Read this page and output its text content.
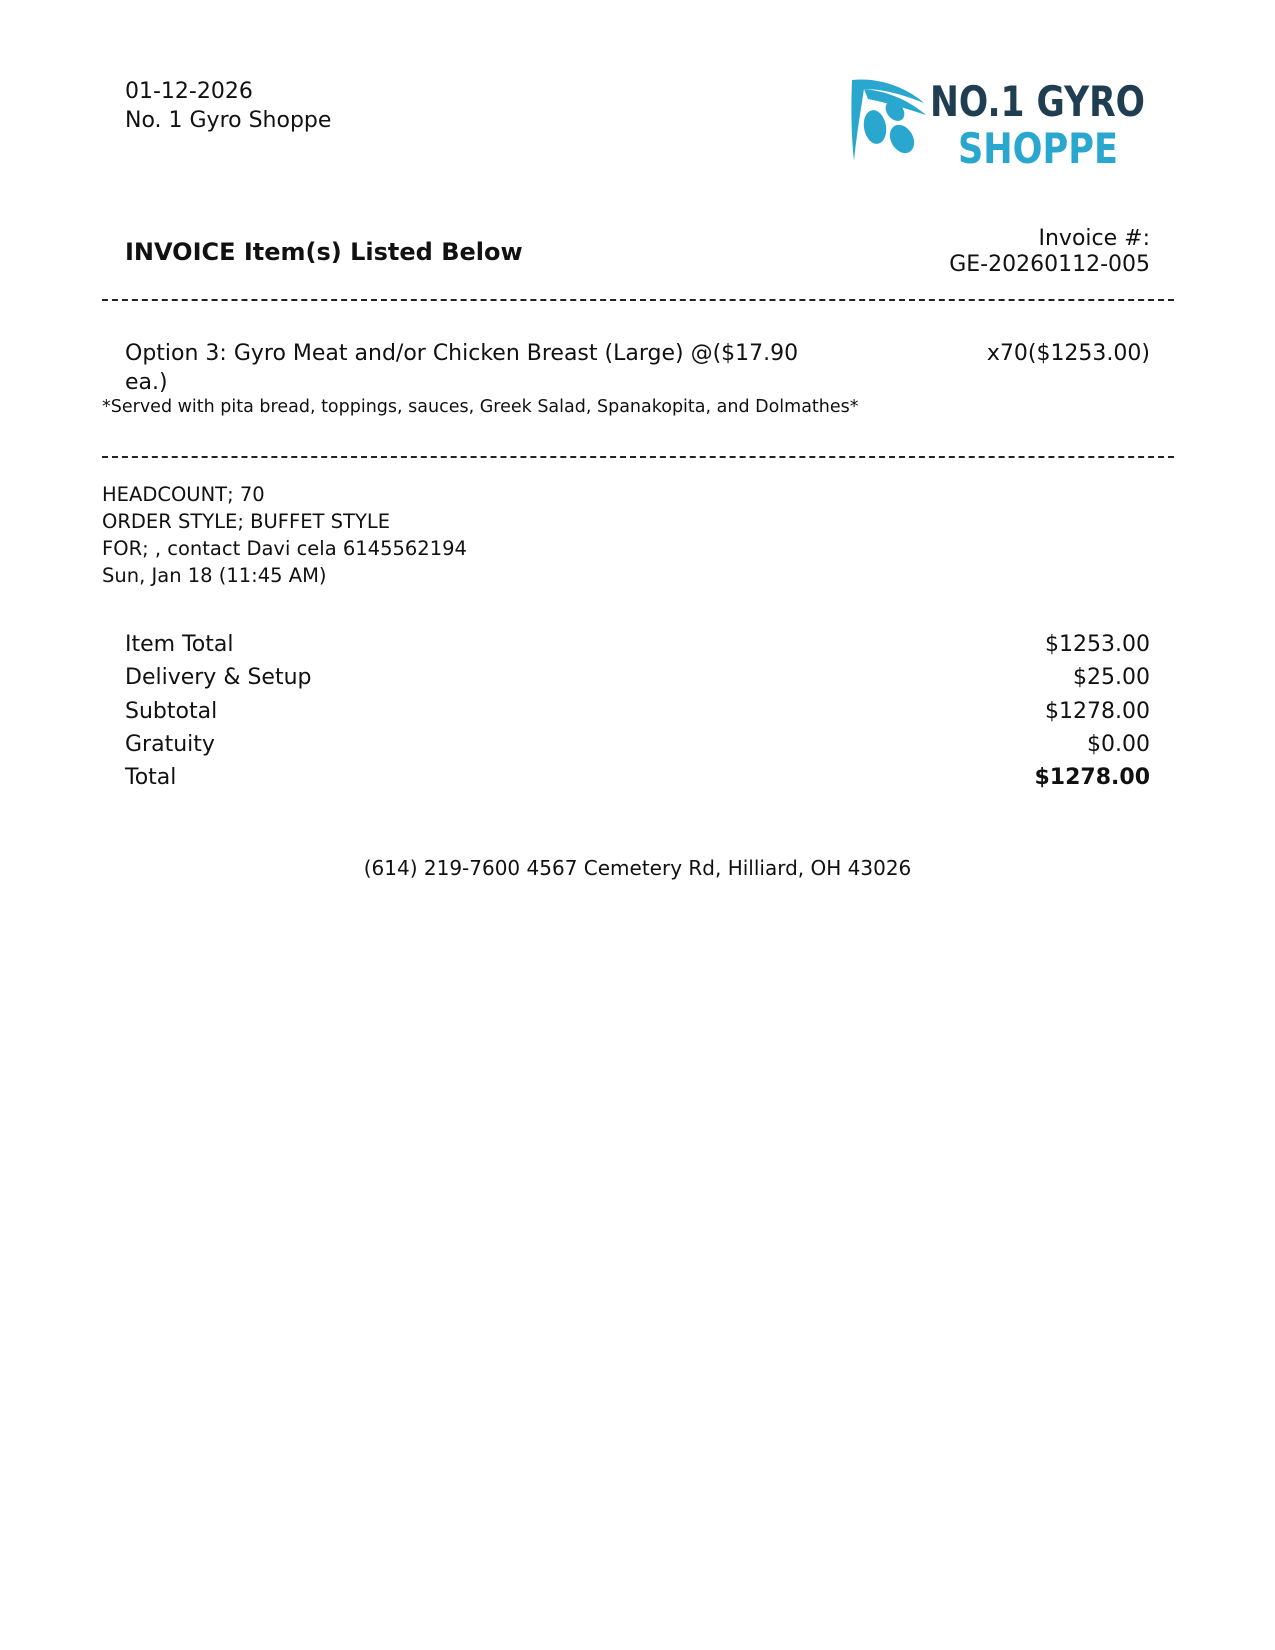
01-12-2026
No. 1 Gyro Shoppe	NO.1 GYRO
SHOPPE
INVOICE Item(s) Listed Below	Invoice #:
GE-20260112-005
Option 3: Gyro Meat and/or Chicken Breast (Large) @($17.90 ea.)
x70($1253.00)
*Served with pita bread, toppings, sauces, Greek Salad, Spanakopita, and Dolmathes*
HEADCOUNT; 70
ORDER STYLE; BUFFET STYLE
FOR; , contact Davi cela 6145562194
Sun, Jan 18 (11:45 AM)
Item Total	$1253.00
Delivery & Setup	$25.00
Subtotal	$1278.00
Gratuity	$0.00
Total	$1278.00
(614) 219-7600 4567 Cemetery Rd, Hilliard, OH 43026
